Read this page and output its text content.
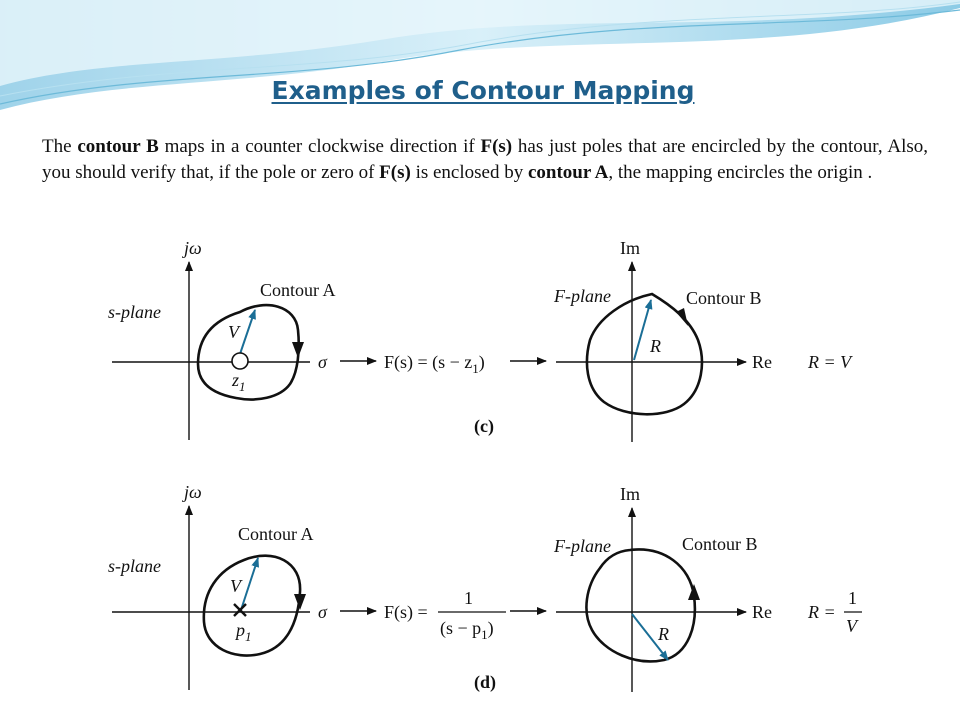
Examples of Contour Mapping

The contour B maps in a counter clockwise direction if F(s) has just poles that are encircled by the contour, Also, you should verify that, if the pole or zero of F(s) is enclosed by contour A, the mapping encircles the origin .

jω
s-plane
Contour A
V
$z_1$
σ	$F(s) = (s - z_1)$
Im
Re
F-plane	Contour B
R
R = V
(c)
jω
s-plane
Contour A
V
$p_1$
σ	F(s) =
1
$(s - p_1)$
Im
Re
F-plane	Contour B
R
R =
1
V
(d)
